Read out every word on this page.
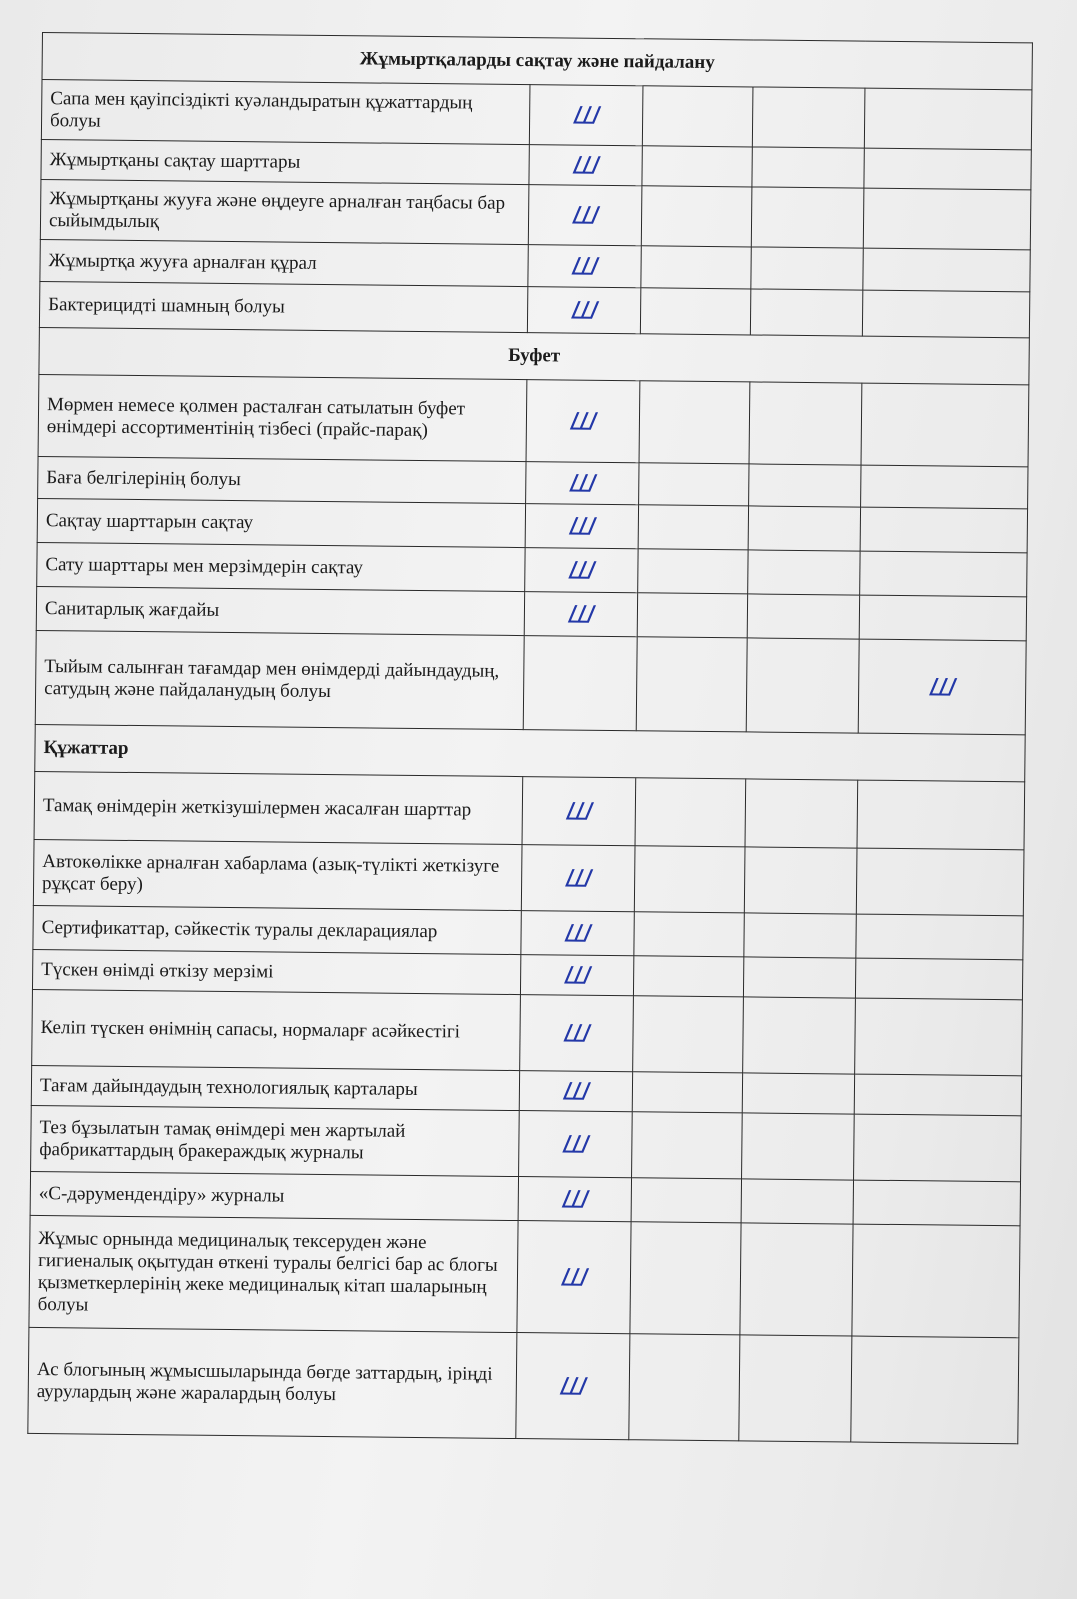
Жұмыртқаларды сақтау және пайдалану				
Сапа мен қауіпсіздікті куәландыратын құжаттардың болуы	Ш			
Жұмыртқаны сақтау шарттары	Ш			
Жұмыртқаны жууға және өңдеуге арналған таңбасы бар сыйымдылық	Ш			
Жұмыртқа жууға арналған құрал	Ш			
Бактерицидті шамның болуы	Ш			
Буфет				
Мөрмен немесе қолмен расталған сатылатын буфет өнімдері ассортиментінің тізбесі (прайс-парақ)	Ш			
Баға белгілерінің болуы	Ш			
Сақтау шарттарын сақтау	Ш			
Сату шарттары мен мерзімдерін сақтау	Ш			
Санитарлық жағдайы	Ш			
Тыйым салынған тағамдар мен өнімдерді дайындаудың, сатудың және пайдаланудың болуы				Ш
Құжаттар				
Тамақ өнімдерін жеткізушілермен жасалған шарттар	Ш			
Автокөлікке арналған хабарлама (азық-түлікті жеткізуге рұқсат беру)	Ш			
Сертификаттар, сәйкестік туралы декларациялар	Ш			
Түскен өнімді өткізу мерзімі	Ш			
Келіп түскен өнімнің сапасы, нормаларғ асәйкестігі	Ш			
Тағам дайындаудың технологиялық карталары	Ш			
Тез бұзылатын тамақ өнімдері мен жартылай фабрикаттардың бракераждық журналы	Ш			
«С-дәрумендендіру» журналы	Ш			
Жұмыс орнында медициналық тексеруден және гигиеналық оқытудан өткені туралы белгісі бар ас блогы қызметкерлерінің жеке медициналық кітап шаларының болуы	Ш			
Ас блогының жұмысшыларында бөгде заттардың, іріңді аурулардың және жаралардың болуы	Ш			
